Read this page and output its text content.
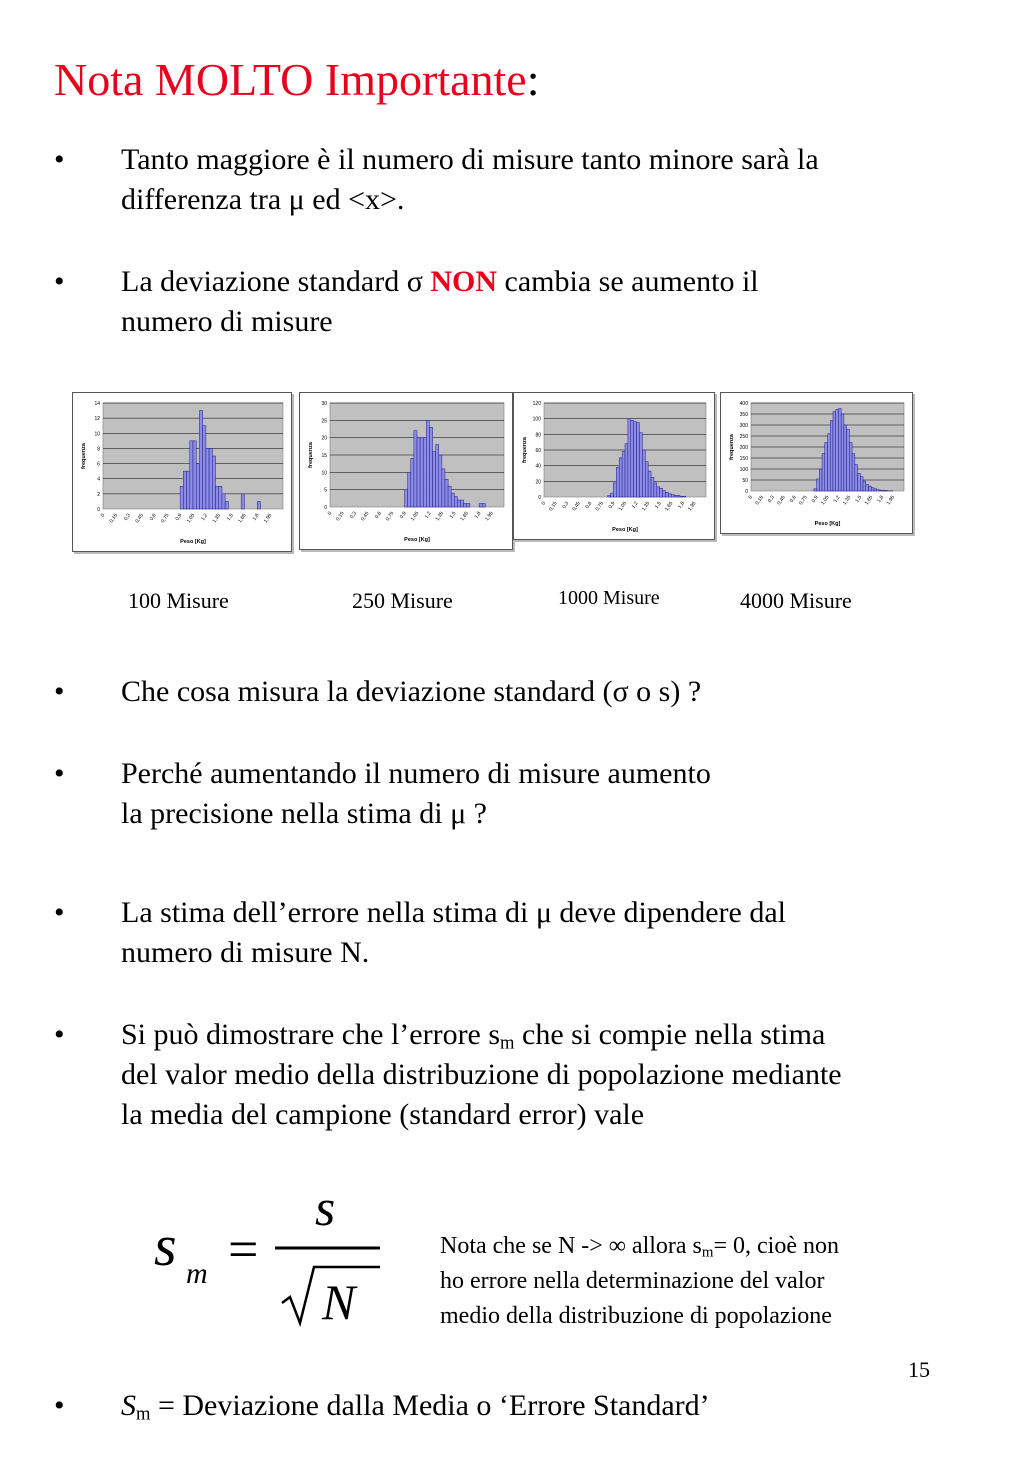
Nota MOLTO Importante:
•	Tanto maggiore è il numero di misure tanto minore sarà la
differenza tra μ ed <x>.
•	La deviazione standard σ NON cambia se aumento il
numero di misure
0
2
4
6
8
10
12
14
0 0,15 0,3 0,45 0,6 0,75 0,9 1,05 1,2 1,35 1,5 1,65 1,8 1,95
Peso [Kg]
frequenza
0
5
10
15
20
25
30
0 0,15 0,3 0,45 0,6 0,75 0,9 1,05 1,2 1,35 1,5 1,65 1,8 1,95
Peso [Kg]
frequenza
0
20
40
60
80
100
120
0 0,15 0,3 0,45 0,6 0,75 0,9 1,05 1,2 1,35 1,5 1,65 1,8 1,95
Peso [Kg]
frequenza
0
50
100
150
200
250
300
350
400
0 0,15 0,3 0,45 0,6 0,75 0,9 1,05 1,2 1,35 1,5 1,65 1,8 1,95
Peso [Kg]
frequenza
100 Misure	250 Misure	1000 Misure	4000 Misure
•	Che cosa misura la deviazione standard (σ o s) ?
•	Perché aumentando il numero di misure aumento
la precisione nella stima di μ ?
•	La stima dell’errore nella stima di μ deve dipendere dal
numero di misure N.
•	Si può dimostrare che l’errore $s_m$ che si compie nella stima
del valor medio della distribuzione di popolazione mediante
la media del campione (standard error) vale
s m =
s
N
Nota che se N -> ∞ allora $s_m= 0$, cioè non
ho errore nella determinazione del valor
medio della distribuzione di popolazione
15
•	$S_m$ = Deviazione dalla Media o ‘Errore Standard’
